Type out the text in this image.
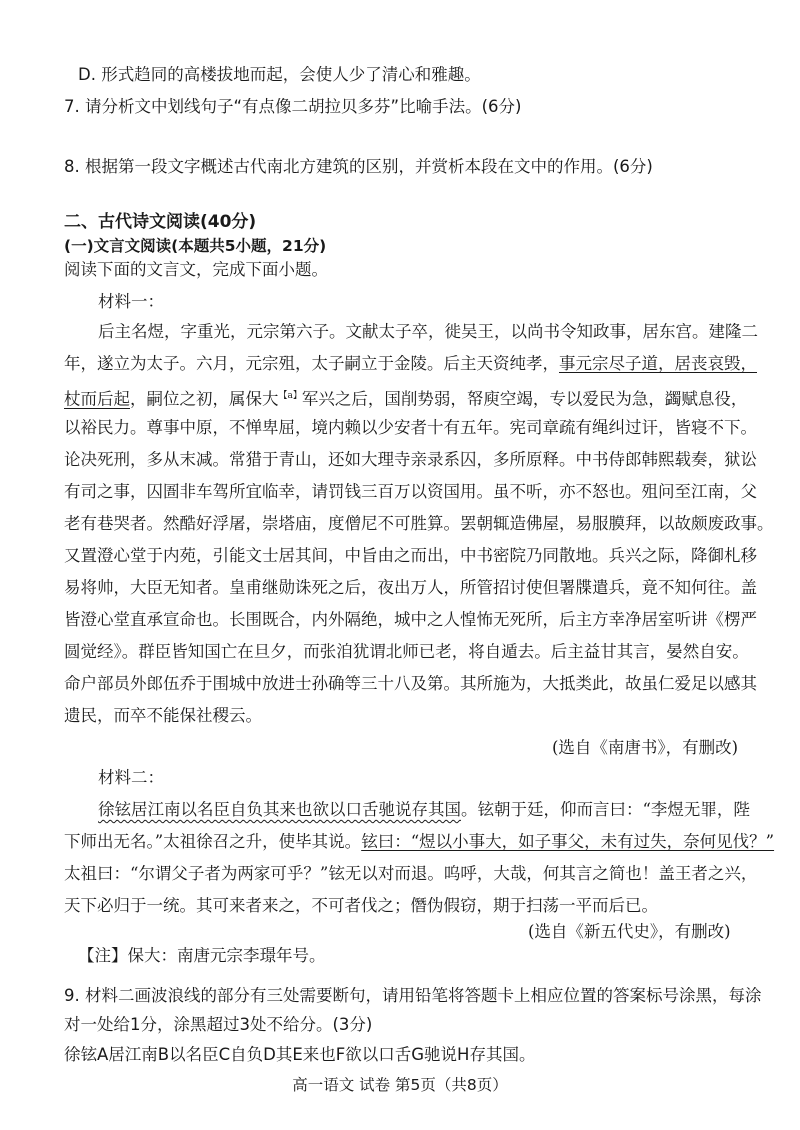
D. 形式趋同的高楼拔地而起，会使人少了清心和雅趣。
7. 请分析文中划线句子“有点像二胡拉贝多芬”比喻手法。(6分)
8. 根据第一段文字概述古代南北方建筑的区别，并赏析本段在文中的作用。(6分)
二、古代诗文阅读(40分)
(一)文言文阅读(本题共5小题，21分)
阅读下面的文言文，完成下面小题。
材料一：
后主名煜，字重光，元宗第六子。文献太子卒，徙吴王，以尚书令知政事，居东宫。建隆二
年，遂立为太子。六月，元宗殂，太子嗣立于金陵。后主天资纯孝，事元宗尽子道，居丧哀毁，
杖而后起，嗣位之初，属保大$^{【a】}$军兴之后，国削势弱，帑庾空竭，专以爱民为急，蠲赋息役，
以裕民力。尊事中原，不惮卑屈，境内赖以少安者十有五年。宪司章疏有绳纠过讦，皆寝不下。
论决死刑，多从末减。常猎于青山，还如大理寺亲录系囚，多所原释。中书侍郎韩熙载奏，狱讼
有司之事，囚圄非车驾所宜临幸，请罚钱三百万以资国用。虽不听，亦不怒也。殂问至江南，父
老有巷哭者。然酷好浮屠，崇塔庙，度僧尼不可胜算。罢朝辄造佛屋，易服膜拜，以故颇废政事。
又置澄心堂于内苑，引能文士居其间，中旨由之而出，中书密院乃同散地。兵兴之际，降御札移
易将帅，大臣无知者。皇甫继勋诛死之后，夜出万人，所管招讨使但署牒遣兵，竟不知何往。盖
皆澄心堂直承宣命也。长围既合，内外隔绝，城中之人惶怖无死所，后主方幸净居室听讲《楞严
圆觉经》。群臣皆知国亡在旦夕，而张洎犹谓北师已老，将自遁去。后主益甘其言，晏然自安。
命户部员外郎伍乔于围城中放进士孙确等三十八及第。其所施为，大抵类此，故虽仁爱足以感其
遗民，而卒不能保社稷云。
(选自《南唐书》，有删改)
材料二：
徐铉居江南以名臣自负其来也欲以口舌驰说存其国。铉朝于廷，仰而言曰：“李煜无罪，陛
下师出无名。”太祖徐召之升，使毕其说。铉曰：“煜以小事大，如子事父，未有过失，奈何见伐？”
太祖曰：“尔谓父子者为两家可乎？”铉无以对而退。呜呼，大哉，何其言之简也！盖王者之兴，
天下必归于一统。其可来者来之，不可者伐之；僭伪假窃，期于扫荡一平而后已。
(选自《新五代史》，有删改)
【注】保大：南唐元宗李璟年号。
9. 材料二画波浪线的部分有三处需要断句，请用铅笔将答题卡上相应位置的答案标号涂黑，每涂
对一处给1分，涂黑超过3处不给分。(3分)
徐铉A居江南B以名臣C自负D其E来也F欲以口舌G驰说H存其国。
高一语文 试卷 第5页（共8页）
